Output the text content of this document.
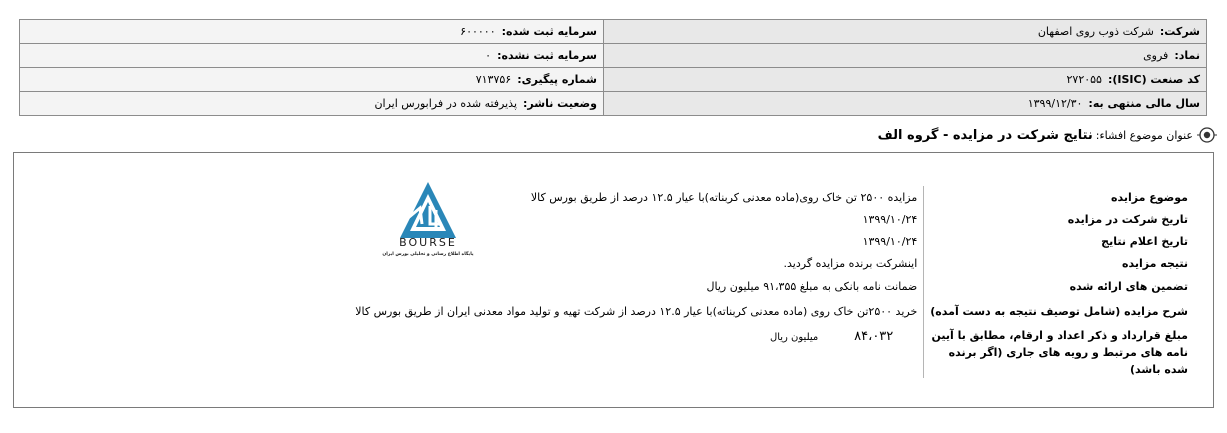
شرکت:شرکت ذوب روی اصفهان	سرمایه ثبت شده:۶۰۰۰۰۰
نماد:فروی	سرمایه ثبت نشده:۰
کد صنعت (ISIC):۲۷۲۰۵۵	شماره پیگیری:۷۱۳۷۵۶
سال مالی منتهی به:۱۳۹۹/۱۲/۳۰	وضعیت ناشر:پذیرفته شده در فرابورس ایران
عنوان موضوع افشاء:
نتایج شرکت در مزایده - گروه الف
موضوع مزایده	مزایده ۲۵۰۰ تن خاک روی(ماده معدنی کربناته)با عیار ۱۲.۵ درصد از طریق بورس کالا
تاریخ شرکت در مزایده	۱۳۹۹/۱۰/۲۴
تاریخ اعلام نتایج	۱۳۹۹/۱۰/۲۴
نتیجه مزایده	اینشرکت برنده مزایده گردید.
تضمین های ارائه شده	ضمانت نامه بانکی به مبلغ ۹۱،۳۵۵ میلیون ریال
شرح مزایده (شامل توصیف نتیجه به دست آمده)	خرید ۲۵۰۰تن خاک روی (ماده معدنی کربناته)با عیار ۱۲.۵ درصد از شرکت تهیه و تولید مواد معدنی ایران از طریق بورس کالا
مبلغ قرارداد و ذکر اعداد و ارقام، مطابق با آیین نامه های مرتبط و رویه های جاری (اگر برنده شده باشد)	۸۴،۰۳۲
میلیون ریال
BOURSE
پایگاه اطلاع رسانی و تحلیلی بورس ایران
